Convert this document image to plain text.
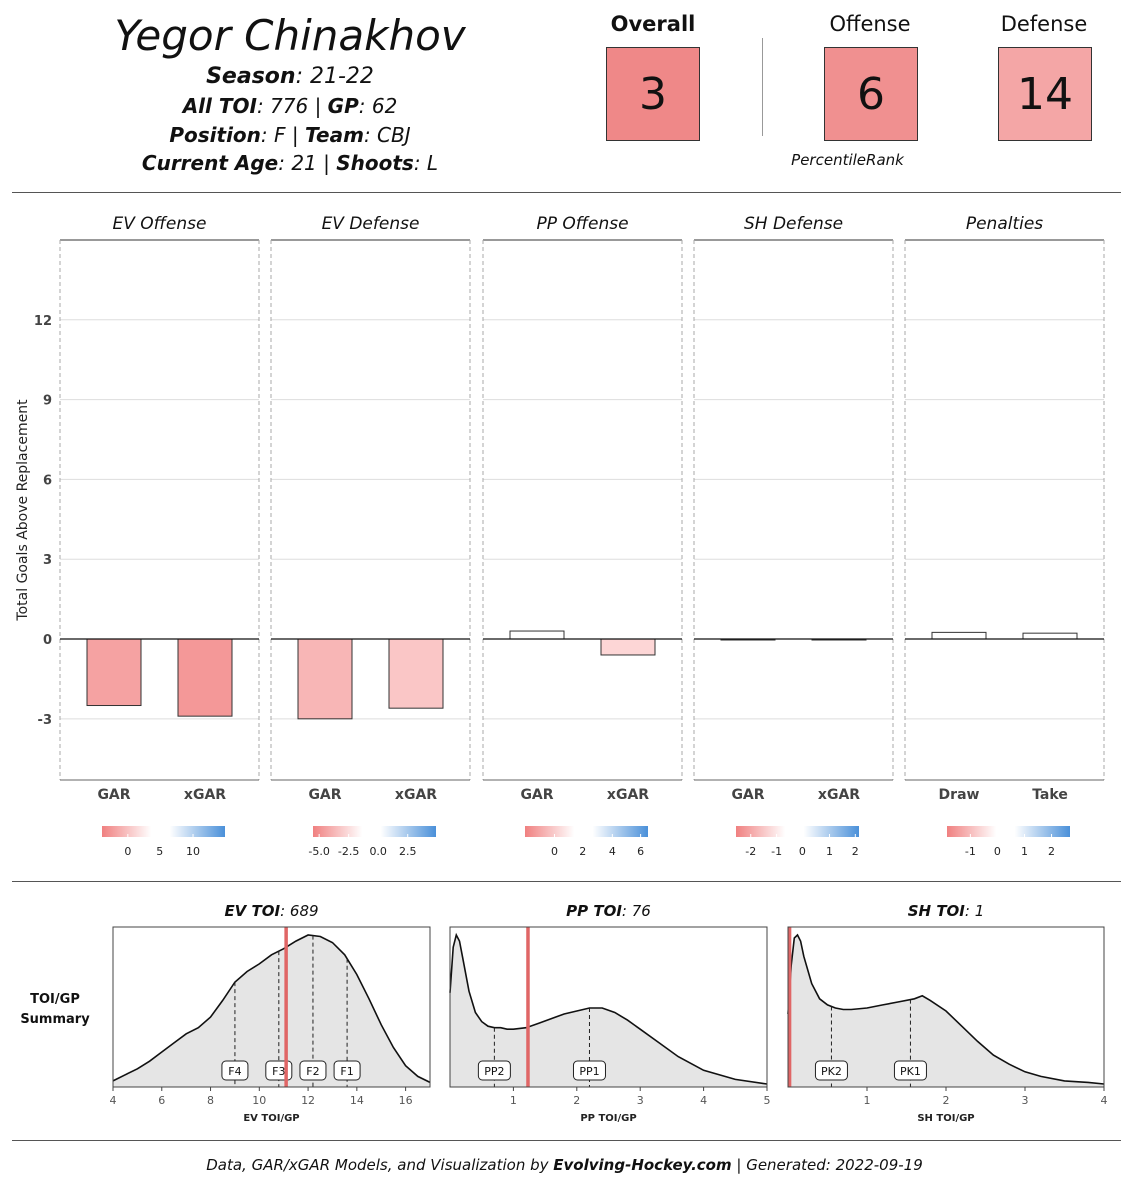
Yegor Chinakhov
Season: 21-22
All TOI: 776 | GP: 62
Position: F | Team: CBJ
Current Age: 21 | Shoots: L
Overall
3
Offense
6
Defense
14
PercentileRank
Total Goals Above Replacement
-3
0
3
6
9
12
EV Offense
GAR	xGAR
0 5 10
EV Defense
GAR	xGAR
-5.0 -2.5 0.0 2.5
PP Offense
GAR	xGAR
0 2 4 6
SH Defense
GAR	xGAR
-2 -1 0 1 2
Penalties
Draw	Take
-1 0 1 2
TOI/GP
Summary
EV TOI: 689
F4	F3 F2 F1
4	6	8	10	12	14	16
EV TOI/GP
PP TOI: 76
PP2	PP1
1	2	3	4	5
PP TOI/GP
SH TOI: 1
PK2	PK1
1	2	3	4
SH TOI/GP
Data, GAR/xGAR Models, and Visualization by Evolving-Hockey.com | Generated: 2022-09-19
